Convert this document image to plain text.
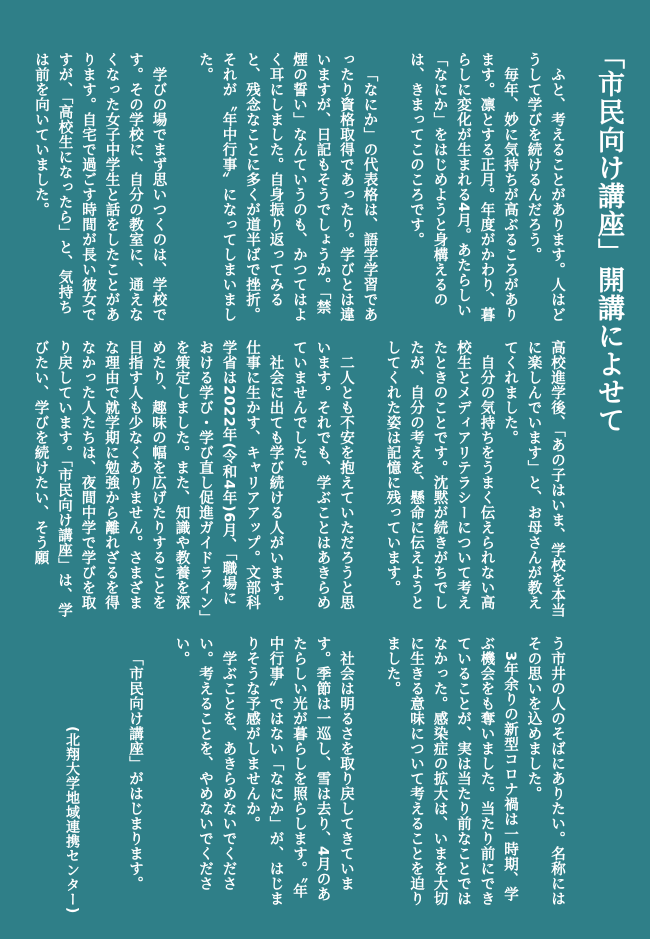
「市民向け講座」開講によせて

ふと、考えることがあります。人はどうして学びを続けるんだろう。

毎年、妙に気持ちが高ぶるころがあります。凛とする正月。年度がかわり、暮らしに変化が生まれる4月。あたらしい「なにか」をはじめようと身構えるのは、きまってこのころです。

「なにか」の代表格は、語学学習であったり資格取得であったり。学びとは違いますが、日記もそうでしょうか。「禁煙の誓い」なんていうのも、かつてはよく耳にしました。自身振り返ってみると、残念なことに多くが道半ばで挫折。それが〝年中行事〟になってしまいました。

学びの場でまず思いつくのは、学校です。その学校に、自分の教室に、通えなくなった女子中学生と話をしたことがあります。自宅で過ごす時間が長い彼女ですが、「高校生になったら」と、気持ちは前を向いていました。

高校進学後、「あの子はいま、学校を本当に楽しんでいます」と、お母さんが教えてくれました。

自分の気持ちをうまく伝えられない高校生とメディアリテラシーについて考えたときのことです。沈黙が続きがちでしたが、自分の考えを、懸命に伝えようとしてくれた姿は記憶に残っています。

二人とも不安を抱えていただろうと思います。それでも、学ぶことはあきらめていませんでした。

社会に出ても学び続ける人がいます。仕事に生かす、キャリアアップ。文部科学省は2022年(令和4年)6月、「職場における学び・学び直し促進ガイドライン」を策定しました。また、知識や教養を深めたり、趣味の幅を広げたりすることを目指す人も少なくありません。さまざまな理由で就学期に勉強から離れざるを得なかった人たちは、夜間中学で学びを取り戻しています。「市民向け講座」は、学びたい、学びを続けたい、そう願

う市井の人のそばにありたい。名称にはその思いを込めました。

3年余りの新型コロナ禍は一時期、学ぶ機会をも奪いました。当たり前にできていることが、実は当たり前なことではなかった。感染症の拡大は、いまを大切に生きる意味について考えることを迫りました。

社会は明るさを取り戻してきています。季節は一巡し、雪は去り、4月のあたらしい光が暮らしを照らします。〝年中行事〟ではない「なにか」が、はじまりそうな予感がしませんか。

学ぶことを、あきらめないでください。考えることを、やめないでください。

「市民向け講座」がはじまります。

(北翔大学地域連携センター)
